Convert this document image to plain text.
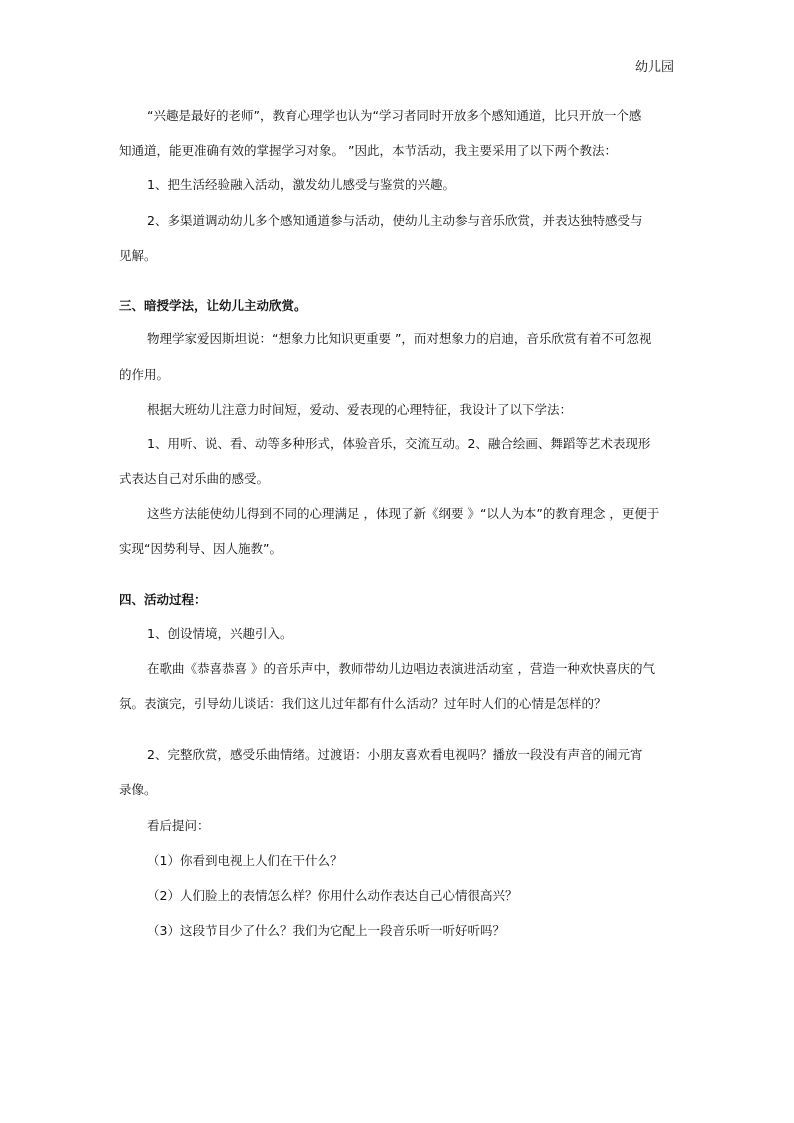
幼儿园

“兴趣是最好的老师”，教育心理学也认为“学习者同时开放多个感知通道，比只开放一个感

知通道，能更准确有效的掌握学习对象。 ”因此，本节活动，我主要采用了以下两个教法：

1、把生活经验融入活动，激发幼儿感受与鉴赏的兴趣。

2、多渠道调动幼儿多个感知通道参与活动，使幼儿主动参与音乐欣赏，并表达独特感受与

见解。

三、暗授学法，让幼儿主动欣赏。

物理学家爱因斯坦说：“想象力比知识更重要 ”，而对想象力的启迪，音乐欣赏有着不可忽视

的作用。

根据大班幼儿注意力时间短，爱动、爱表现的心理特征，我设计了以下学法：

1、用听、说、看、动等多种形式，体验音乐，交流互动。2、融合绘画、舞蹈等艺术表现形

式表达自己对乐曲的感受。

这些方法能使幼儿得到不同的心理满足 ，体现了新《纲要 》“以人为本”的教育理念 ，更便于

实现“因势利导、因人施教”。

四、活动过程：

1、创设情境，兴趣引入。

在歌曲《恭喜恭喜 》的音乐声中，教师带幼儿边唱边表演进活动室 ，营造一种欢快喜庆的气

氛。表演完，引导幼儿谈话：我们这儿过年都有什么活动？过年时人们的心情是怎样的？

2、完整欣赏，感受乐曲情绪。过渡语：小朋友喜欢看电视吗？播放一段没有声音的闹元宵

录像。

看后提问：

（1）你看到电视上人们在干什么？

（2）人们脸上的表情怎么样？你用什么动作表达自己心情很高兴？

（3）这段节目少了什么？我们为它配上一段音乐听一听好听吗？
